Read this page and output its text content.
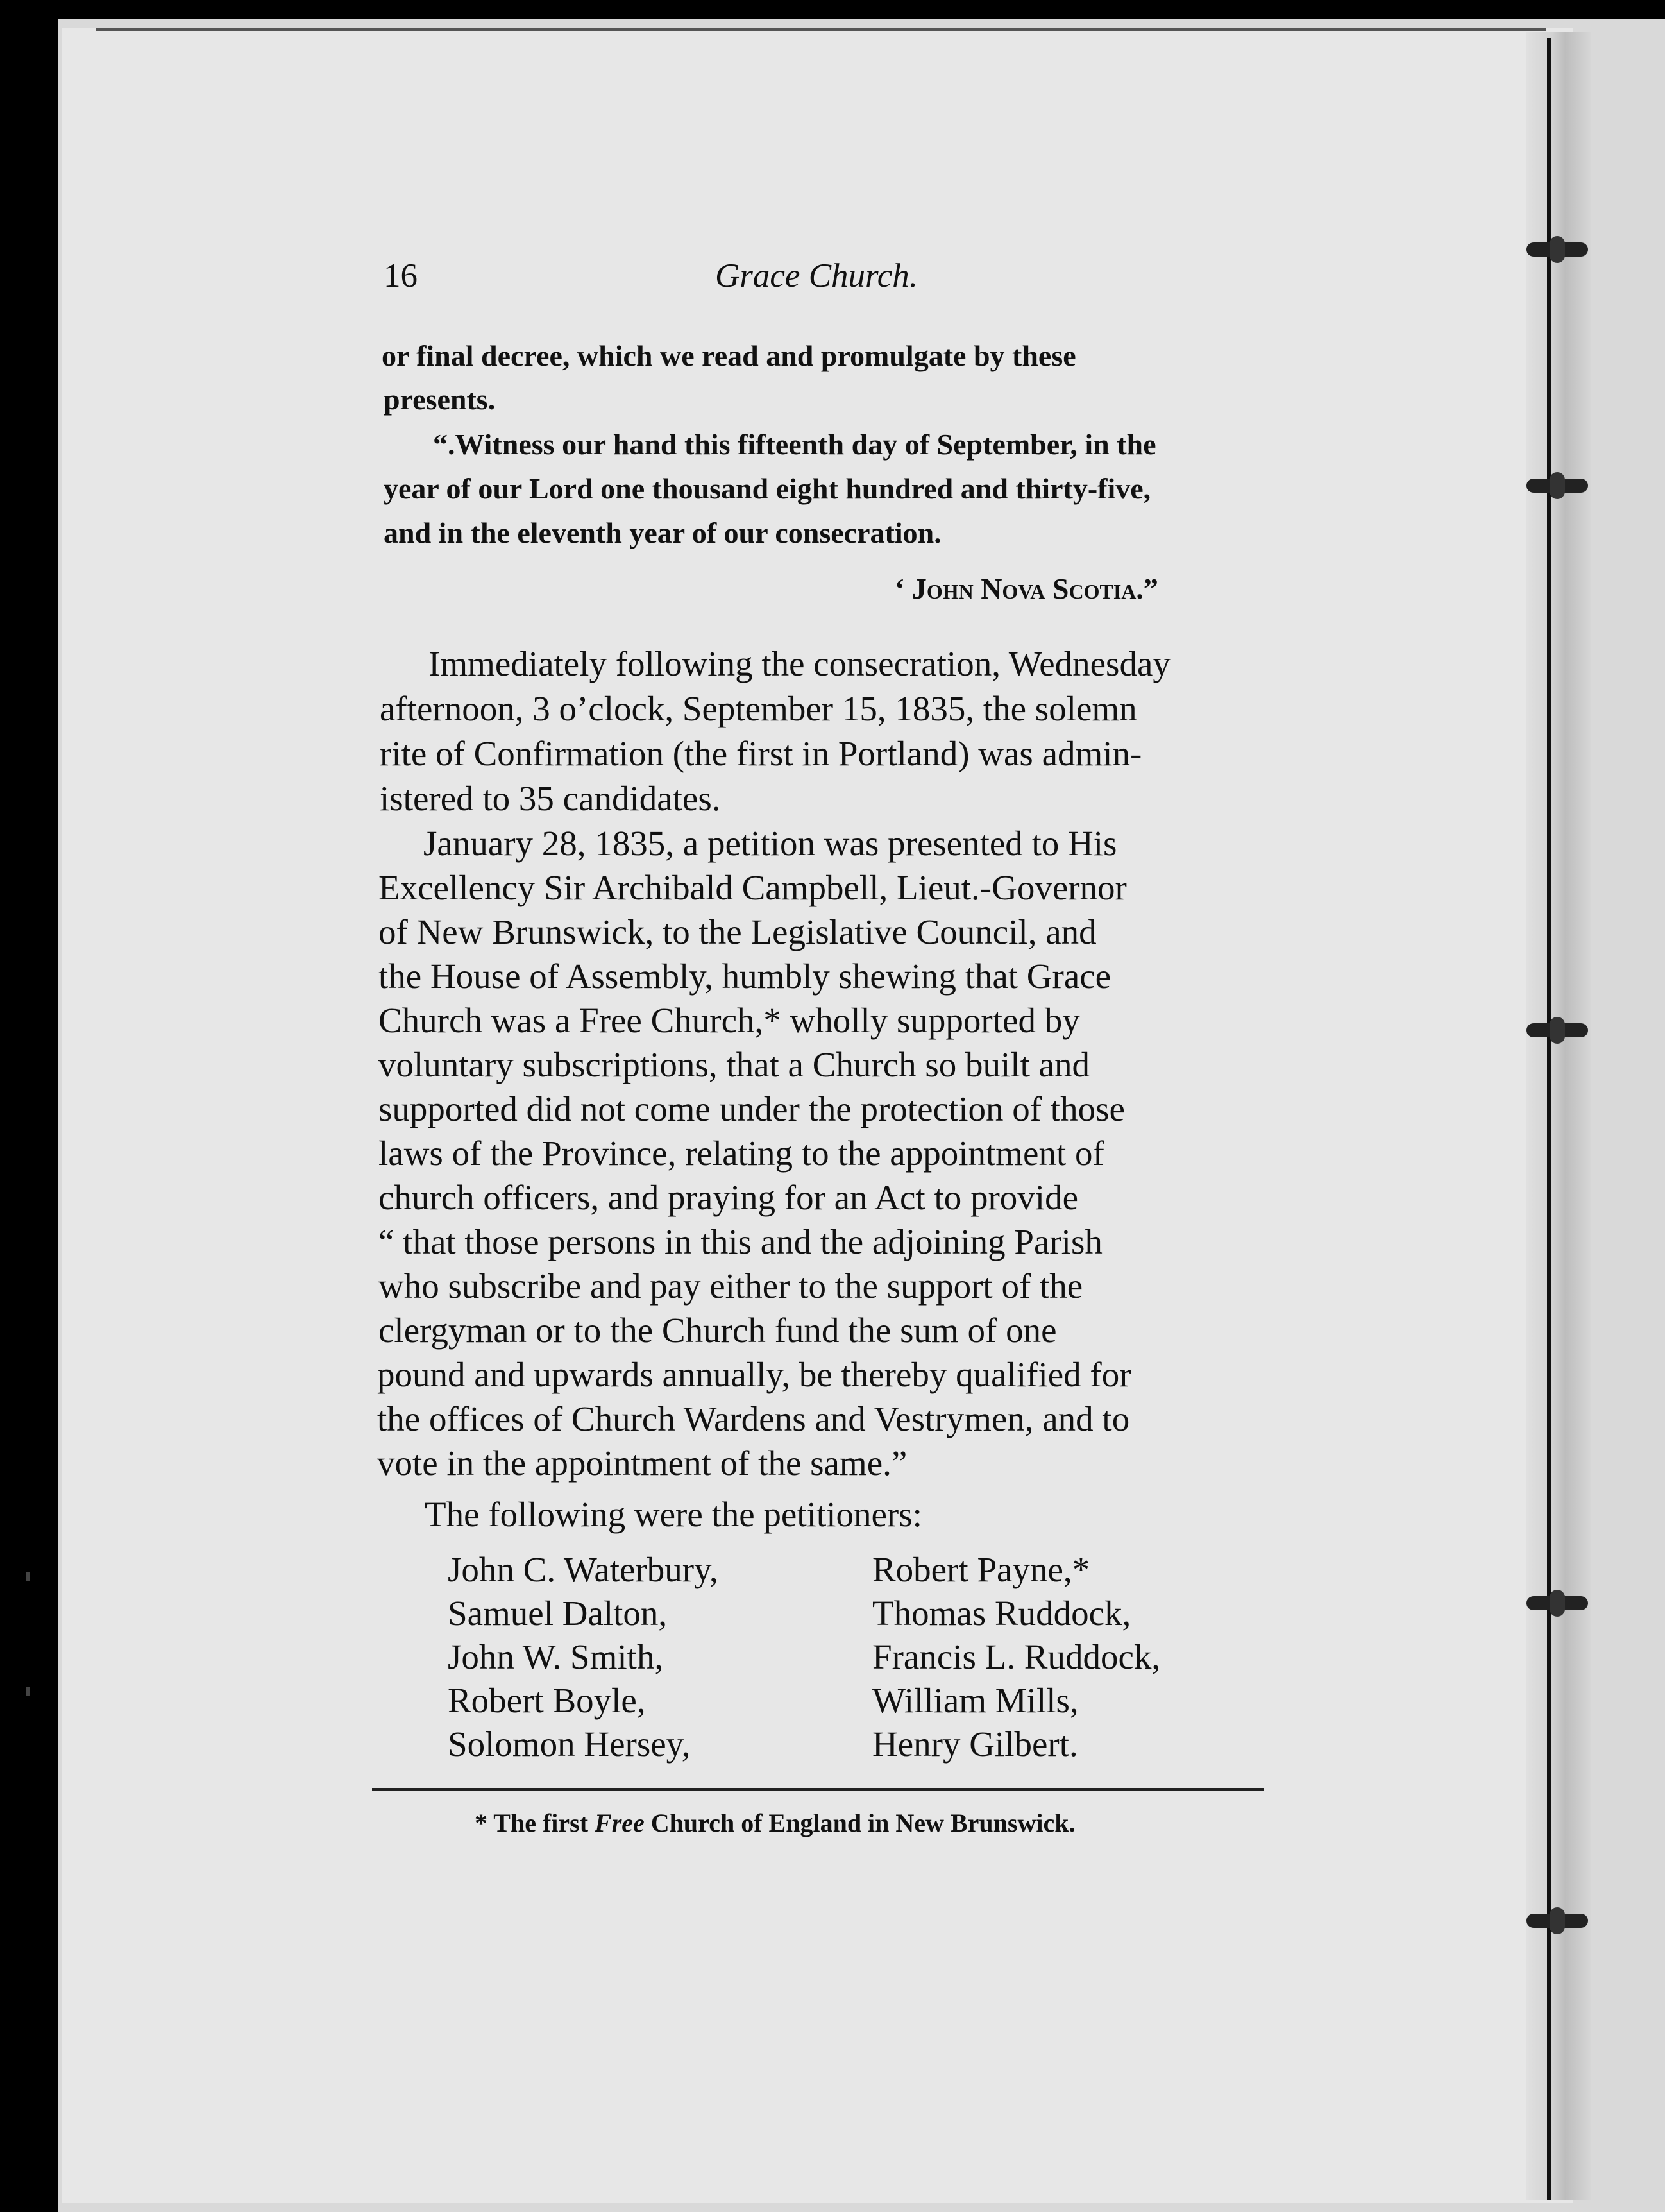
16	Grace Church.
or final decree, which we read and promulgate by these
presents.
“.Witness our hand this fifteenth day of September, in the
year of our Lord one thousand eight hundred and thirty-five,
and in the eleventh year of our consecration.
‘ John Nova Scotia.”
Immediately following the consecration, Wednesday
afternoon, 3 o’clock, September 15, 1835, the solemn
rite of Confirmation (the first in Portland) was admin-
istered to 35 candidates.
January 28, 1835, a petition was presented to His
Excellency Sir Archibald Campbell, Lieut.-Governor
of New Brunswick, to the Legislative Council, and
the House of Assembly, humbly shewing that Grace
Church was a Free Church,* wholly supported by
voluntary subscriptions, that a Church so built and
supported did not come under the protection of those
laws of the Province, relating to the appointment of
church officers, and praying for an Act to provide
“ that those persons in this and the adjoining Parish
who subscribe and pay either to the support of the
clergyman or to the Church fund the sum of one
pound and upwards annually, be thereby qualified for
the offices of Church Wardens and Vestrymen, and to
vote in the appointment of the same.”
The following were the petitioners:
John C. Waterbury,
Samuel Dalton,
John W. Smith,
Robert Boyle,
Solomon Hersey,
Robert Payne,*
Thomas Ruddock,
Francis L. Ruddock,
William Mills,
Henry Gilbert.
* The first Free Church of England in New Brunswick.
